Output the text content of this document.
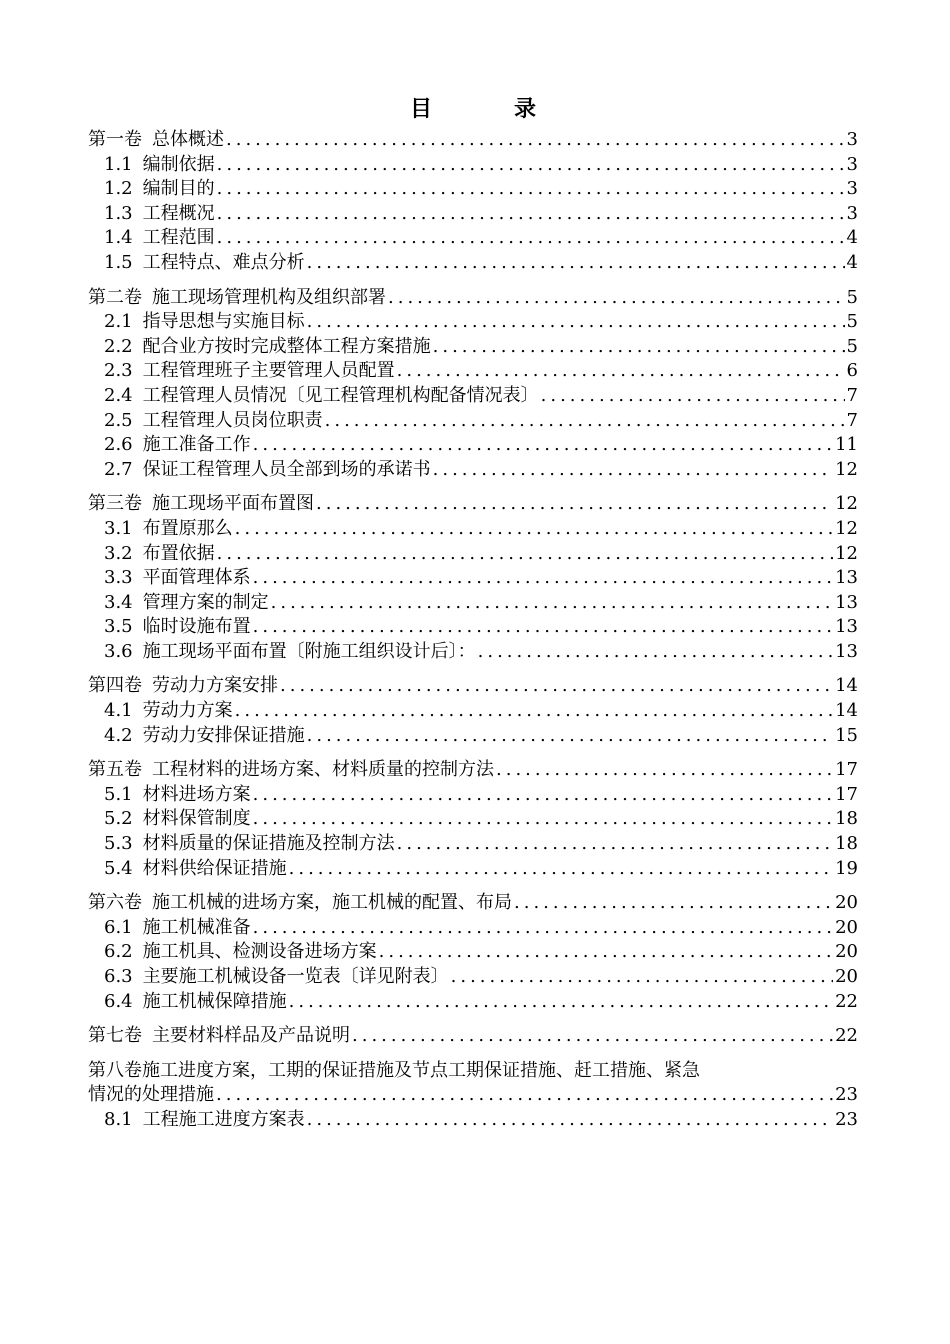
目　录
第一卷 总体概述 .....	3
1.1 编制依据 .....	3
1.2 编制目的 .....	3
1.3 工程概况 .....	3
1.4 工程范围 .....	4
1.5 工程特点、难点分析 .....	4
第二卷 施工现场管理机构及组织部署 .....	5
2.1 指导思想与实施目标 .....	5
2.2 配合业方按时完成整体工程方案措施 .....	5
2.3 工程管理班子主要管理人员配置 .....	6
2.4 工程管理人员情况〔见工程管理机构配备情况表〕 .....	7
2.5 工程管理人员岗位职责 .....	7
2.6 施工准备工作 .....	11
2.7 保证工程管理人员全部到场的承诺书 .....	12
第三卷 施工现场平面布置图 .....	12
3.1 布置原那么 .....	12
3.2 布置依据 .....	12
3.3 平面管理体系 .....	13
3.4 管理方案的制定 .....	13
3.5 临时设施布置 .....	13
3.6 施工现场平面布置〔附施工组织设计后〕： .....	13
第四卷 劳动力方案安排 .....	14
4.1 劳动力方案 .....	14
4.2 劳动力安排保证措施 .....	15
第五卷 工程材料的进场方案、材料质量的控制方法 .....	17
5.1 材料进场方案 .....	17
5.2 材料保管制度 .....	18
5.3 材料质量的保证措施及控制方法 .....	18
5.4 材料供给保证措施 .....	19
第六卷 施工机械的进场方案，施工机械的配置、布局 .....	20
6.1 施工机械准备 .....	20
6.2 施工机具、检测设备进场方案 .....	20
6.3 主要施工机械设备一览表〔详见附表〕 .....	20
6.4 施工机械保障措施 .....	22
第七卷 主要材料样品及产品说明 .....	22
第八卷施工进度方案，工期的保证措施及节点工期保证措施、赶工措施、紧急
情况的处理措施 .....	23
8.1 工程施工进度方案表 .....	23
